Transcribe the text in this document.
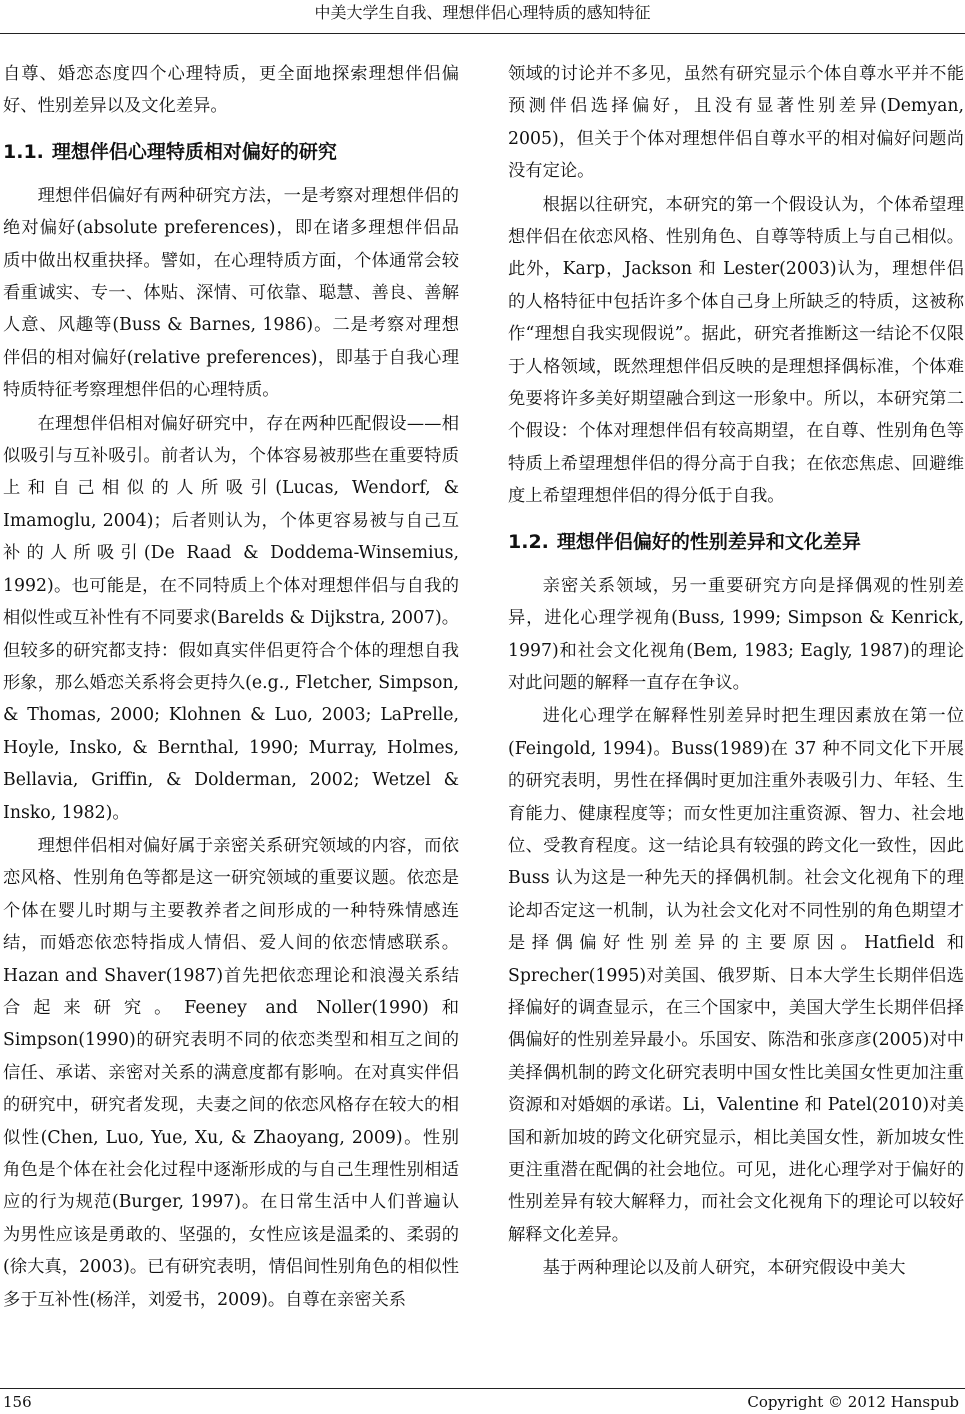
中美大学生自我、理想伴侣心理特质的感知特征

自尊、婚恋态度四个心理特质，更全面地探索理想伴侣偏好、性别差异以及文化差异。

1.1. 理想伴侣心理特质相对偏好的研究

理想伴侣偏好有两种研究方法，一是考察对理想伴侣的绝对偏好(absolute preferences)，即在诸多理想伴侣品质中做出权重抉择。譬如，在心理特质方面，个体通常会较看重诚实、专一、体贴、深情、可依靠、聪慧、善良、善解人意、风趣等(Buss & Barnes, 1986)。二是考察对理想伴侣的相对偏好(relative preferences)，即基于自我心理特质特征考察理想伴侣的心理特质。

在理想伴侣相对偏好研究中，存在两种匹配假设——相似吸引与互补吸引。前者认为，个体容易被那些在重要特质上和自己相似的人所吸引(Lucas, Wendorf, & Imamoglu, 2004)；后者则认为，个体更容易被与自己互补的人所吸引(De Raad & Doddema-Winsemius, 1992)。也可能是，在不同特质上个体对理想伴侣与自我的相似性或互补性有不同要求(Barelds & Dijkstra, 2007)。但较多的研究都支持：假如真实伴侣更符合个体的理想自我形象，那么婚恋关系将会更持久(e.g., Fletcher, Simpson, & Thomas, 2000; Klohnen & Luo, 2003; LaPrelle, Hoyle, Insko, & Bernthal, 1990; Murray, Holmes, Bellavia, Griffin, & Dolderman, 2002; Wetzel & Insko, 1982)。

理想伴侣相对偏好属于亲密关系研究领域的内容，而依恋风格、性别角色等都是这一研究领域的重要议题。依恋是个体在婴儿时期与主要教养者之间形成的一种特殊情感连结，而婚恋依恋特指成人情侣、爱人间的依恋情感联系。Hazan and Shaver(1987)首先把依恋理论和浪漫关系结合起来研究。Feeney and Noller(1990)和 Simpson(1990)的研究表明不同的依恋类型和相互之间的信任、承诺、亲密对关系的满意度都有影响。在对真实伴侣的研究中，研究者发现，夫妻之间的依恋风格存在较大的相似性(Chen, Luo, Yue, Xu, & Zhaoyang, 2009)。性别角色是个体在社会化过程中逐渐形成的与自己生理性别相适应的行为规范(Burger, 1997)。在日常生活中人们普遍认为男性应该是勇敢的、坚强的，女性应该是温柔的、柔弱的(徐大真，2003)。已有研究表明，情侣间性别角色的相似性多于互补性(杨洋，刘爱书，2009)。自尊在亲密关系

领域的讨论并不多见，虽然有研究显示个体自尊水平并不能预测伴侣选择偏好，且没有显著性别差异(Demyan, 2005)，但关于个体对理想伴侣自尊水平的相对偏好问题尚没有定论。

根据以往研究，本研究的第一个假设认为，个体希望理想伴侣在依恋风格、性别角色、自尊等特质上与自己相似。此外，Karp，Jackson 和 Lester(2003)认为，理想伴侣的人格特征中包括许多个体自己身上所缺乏的特质，这被称作“理想自我实现假说”。据此，研究者推断这一结论不仅限于人格领域，既然理想伴侣反映的是理想择偶标准，个体难免要将许多美好期望融合到这一形象中。所以，本研究第二个假设：个体对理想伴侣有较高期望，在自尊、性别角色等特质上希望理想伴侣的得分高于自我；在依恋焦虑、回避维度上希望理想伴侣的得分低于自我。

1.2. 理想伴侣偏好的性别差异和文化差异

亲密关系领域，另一重要研究方向是择偶观的性别差异，进化心理学视角(Buss, 1999; Simpson & Kenrick, 1997)和社会文化视角(Bem, 1983; Eagly, 1987)的理论对此问题的解释一直存在争议。

进化心理学在解释性别差异时把生理因素放在第一位(Feingold, 1994)。Buss(1989)在 37 种不同文化下开展的研究表明，男性在择偶时更加注重外表吸引力、年轻、生育能力、健康程度等；而女性更加注重资源、智力、社会地位、受教育程度。这一结论具有较强的跨文化一致性，因此 Buss 认为这是一种先天的择偶机制。社会文化视角下的理论却否定这一机制，认为社会文化对不同性别的角色期望才是择偶偏好性别差异的主要原因。Hatfield 和 Sprecher(1995)对美国、俄罗斯、日本大学生长期伴侣选择偏好的调查显示，在三个国家中，美国大学生长期伴侣择偶偏好的性别差异最小。乐国安、陈浩和张彦彦(2005)对中美择偶机制的跨文化研究表明中国女性比美国女性更加注重资源和对婚姻的承诺。Li，Valentine 和 Patel(2010)对美国和新加坡的跨文化研究显示，相比美国女性，新加坡女性更注重潜在配偶的社会地位。可见，进化心理学对于偏好的性别差异有较大解释力，而社会文化视角下的理论可以较好解释文化差异。

基于两种理论以及前人研究，本研究假设中美大

156	Copyright © 2012 Hanspub
